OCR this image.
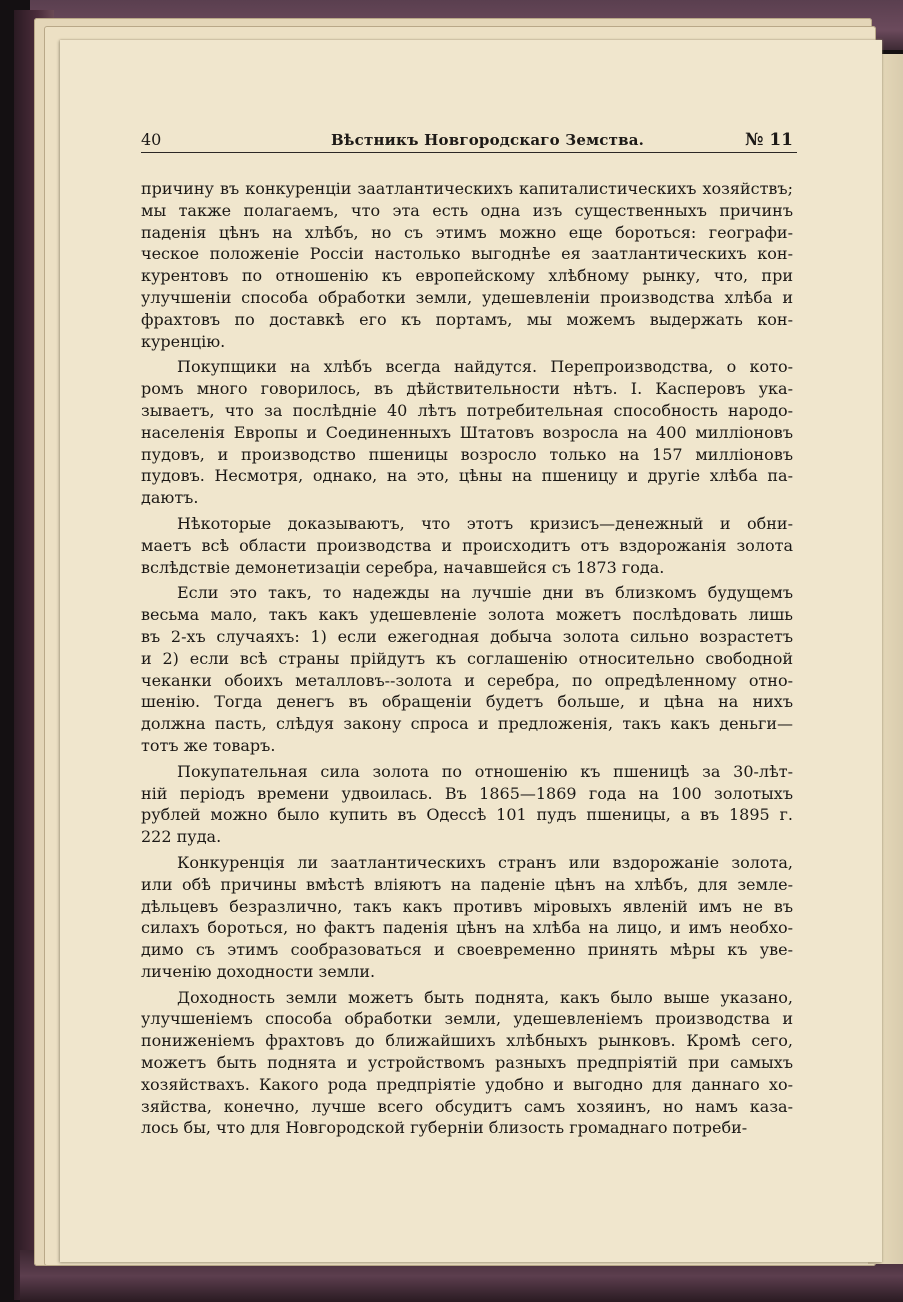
40	Вѣстникъ Новгородскаго Земства.	№ 11
причину въ конкуренціи заатлантическихъ капиталистическихъ хозяйствъ;
мы также полагаемъ, что эта есть одна изъ существенныхъ причинъ
паденія цѣнъ на хлѣбъ, но съ этимъ можно еще бороться: географи-
ческое положеніе Россіи настолько выгоднѣе ея заатлантическихъ кон-
курентовъ по отношенію къ европейскому хлѣбному рынку, что, при
улучшеніи способа обработки земли, удешевленіи производства хлѣба и
фрахтовъ по доставкѣ его къ портамъ, мы можемъ выдержать кон-
куренцію.
Покупщики на хлѣбъ всегда найдутся. Перепроизводства, о кото-
ромъ много говорилось, въ дѣйствительности нѣтъ. І. Касперовъ ука-
зываетъ, что за послѣдніе 40 лѣтъ потребительная способность народо-
населенія Европы и Соединенныхъ Штатовъ возросла на 400 милліоновъ
пудовъ, и производство пшеницы возросло только на 157 милліоновъ
пудовъ. Несмотря, однако, на это, цѣны на пшеницу и другіе хлѣба па-
даютъ.
Нѣкоторые доказываютъ, что этотъ кризисъ—денежный и обни-
маетъ всѣ области производства и происходитъ отъ вздорожанія золота
вслѣдствіе демонетизаціи серебра, начавшейся съ 1873 года.
Если это такъ, то надежды на лучшіе дни въ близкомъ будущемъ
весьма мало, такъ какъ удешевленіе золота можетъ послѣдовать лишь
въ 2-хъ случаяхъ: 1) если ежегодная добыча золота сильно возрастетъ
и 2) если всѣ страны прійдутъ къ соглашенію относительно свободной
чеканки обоихъ металловъ--золота и серебра, по опредѣленному отно-
шенію. Тогда денегъ въ обращеніи будетъ больше, и цѣна на нихъ
должна пасть, слѣдуя закону спроса и предложенія, такъ какъ деньги—
тотъ же товаръ.
Покупательная сила золота по отношенію къ пшеницѣ за 30-лѣт-
ній періодъ времени удвоилась. Въ 1865—1869 года на 100 золотыхъ
рублей можно было купить въ Одессѣ 101 пудъ пшеницы, а въ 1895 г.
222 пуда.
Конкуренція ли заатлантическихъ странъ или вздорожаніе золота,
или обѣ причины вмѣстѣ вліяютъ на паденіе цѣнъ на хлѣбъ, для земле-
дѣльцевъ безразлично, такъ какъ противъ міровыхъ явленій имъ не въ
силахъ бороться, но фактъ паденія цѣнъ на хлѣба на лицо, и имъ необхо-
димо съ этимъ сообразоваться и своевременно принять мѣры къ уве-
личенію доходности земли.
Доходность земли можетъ быть поднята, какъ было выше указано,
улучшеніемъ способа обработки земли, удешевленіемъ производства и
пониженіемъ фрахтовъ до ближайшихъ хлѣбныхъ рынковъ. Кромѣ сего,
можетъ быть поднята и устройствомъ разныхъ предпріятій при самыхъ
хозяйствахъ. Какого рода предпріятіе удобно и выгодно для даннаго хо-
зяйства, конечно, лучше всего обсудитъ самъ хозяинъ, но намъ каза-
лось бы, что для Новгородской губерніи близость громаднаго потреби-
